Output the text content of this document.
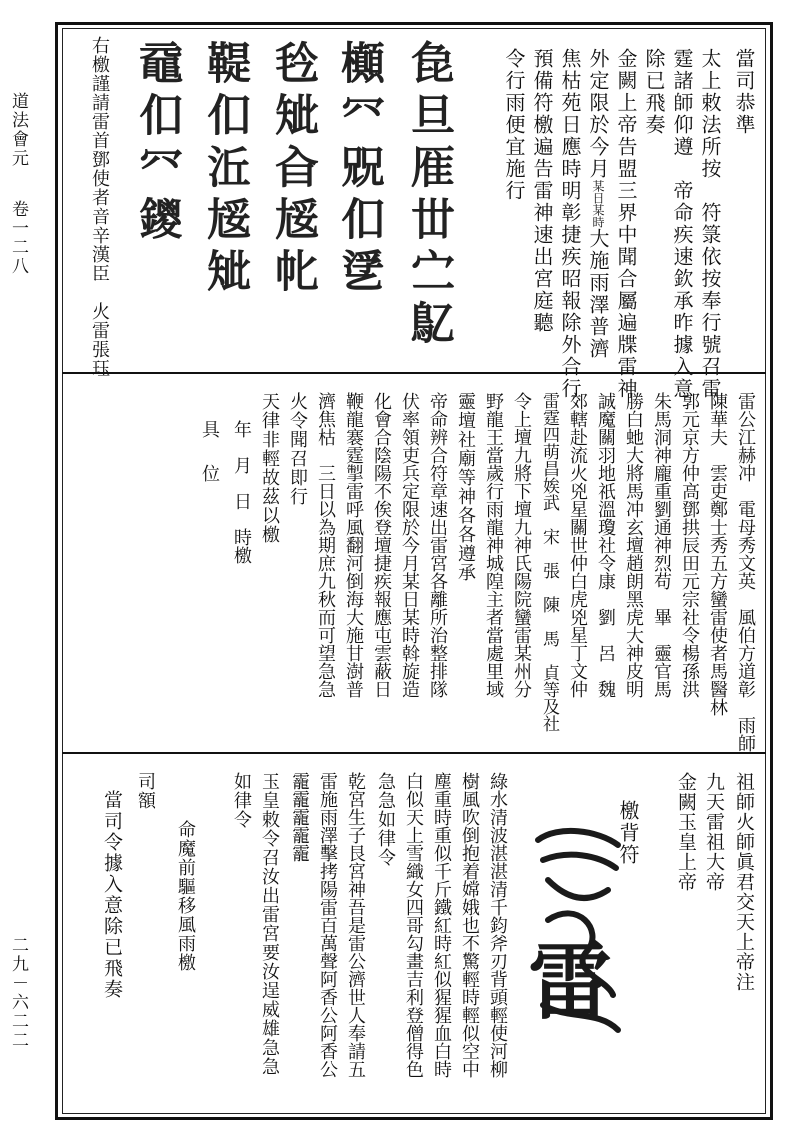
道法會元
卷一二八
二九－六二二
當司恭準
太上敕法所按　符箓依按奉行號召雷
霆諸師仰遵　帝命疾速欽承昨據入意
除已飛奏
金闕上帝告盟三界中聞合屬遍牒雷神
外定限於今月某日某時大施雨澤普濟
焦枯苑日應時明彰捷疾昭報除外合行
預備符檄遍告雷神速出宮庭聽
令行雨便宜施行
㲋旦㕍丗㝉鳦
㰜㓁㒭㐰㐢
㲐䂑㒲㞂㠲
鞮㐰㳋㞂䂑
黿㐰㓁鑁
右檄謹請雷首鄧使者音辛漢臣　火雷張珏
雷公江赫冲　電母秀文英　風伯方道彰　雨師
陳華夫　雲吏鄭士秀五方蠻雷使者馬醫林
郭元京方仲高鄧拱辰田元宗社令楊孫洪
朱馬洞神龐重劉通神烈苟　畢　靈官馬
勝白虵大將馬冲玄壇趙朗黑虎大神皮明
誠魔關羽地祇溫瓊社令康　劉　呂　魏
郊轄赴流火兇星關世仲白虎兇星丁文仲
雷霆四萌昌娭武　宋　張　陳　馬　貞等及社
令上壇九將下壇九神氏陽院蠻雷某州分
野龍王當歲行雨龍神城隍主者當處里域
靈壇社廟等神各各遵承
帝命辨合符章速出雷宮各離所治整排隊
伏率領吏兵定限於今月某日某時斡旋造
化會合陰陽不俟登壇捷疾報應屯雲蔽日
鞭龍褰霆掣雷呼風翻河倒海大施甘澍普
濟焦枯　三日以為期庶九秋而可望急急
火令聞召即行
天律非輕故茲以檄
年　月　日　時檄
具　位
祖師火師眞君交天上帝注
九天雷祖大帝
金闕玉皇上帝
檄背符
雷
綠水清波湛湛清千鈞斧刃背頭輕使河柳
樹風吹倒抱着嫦娥也不驚輕時輕似空中
塵重時重似千斤鐵紅時紅似猩猩血白時
白似天上雪織女四哥勾畫吉利登僧得色
急急如律令
乾宮生子艮宮神吾是雷公濟世人奉請五
雷施雨澤擊拷陽雷百萬聲阿香公阿香公
靇靇靇靇靇
玉皇敕令召汝出雷宮要汝逞威雄急急
如律令
命魔前驅移風雨檄
司額
當司令據入意除已飛奏
